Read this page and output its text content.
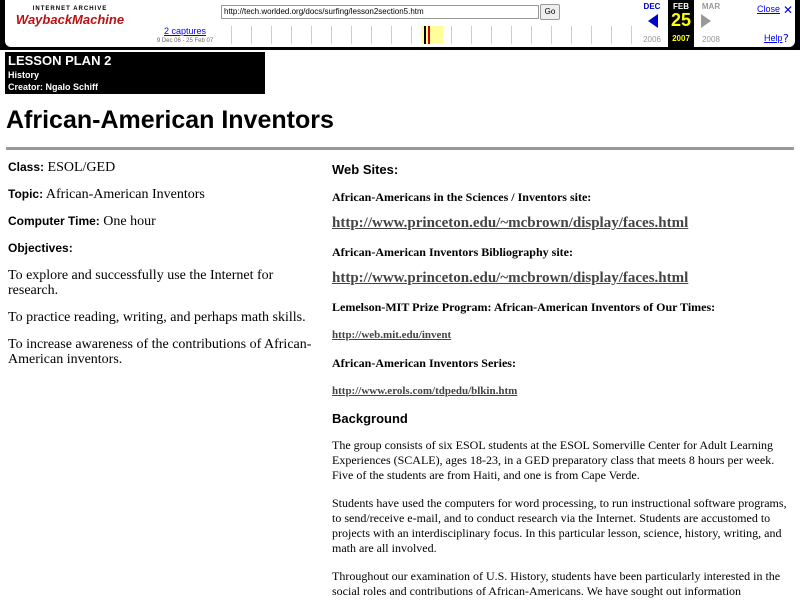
INTERNET ARCHIVE
WaybackMachine
2 captures
9 Dec 06 - 25 Feb 07
http://tech.worlded.org/docs/surfing/lesson2section5.htm	Go
DEC
2006
FEB
25
2007
MAR
2008
Close ✕
Help ?
LESSON PLAN 2
History
Creator: Ngalo Schiff
African-American Inventors

Class: ESOL/GED

Topic: African-American Inventors

Computer Time: One hour

Objectives:

To explore and successfully use the Internet for research.

To practice reading, writing, and perhaps math skills.

To increase awareness of the contributions of African-American inventors.

Web Sites:
African-Americans in the Sciences / Inventors site:
http://www.princeton.edu/~mcbrown/display/faces.html
African-American Inventors Bibliography site:
http://www.princeton.edu/~mcbrown/display/faces.html
Lemelson-MIT Prize Program: African-American Inventors of Our Times:
http://web.mit.edu/invent
African-American Inventors Series:
http://www.erols.com/tdpedu/blkin.htm
Background

The group consists of six ESOL students at the ESOL Somerville Center for Adult Learning Experiences (SCALE), ages 18-23, in a GED preparatory class that meets 8 hours per week. Five of the students are from Haiti, and one is from Cape Verde.

Students have used the computers for word processing, to run instructional software programs, to send/receive e-mail, and to conduct research via the Internet. Students are accustomed to projects with an interdisciplinary focus. In this particular lesson, science, history, writing, and math are all involved.

Throughout our examination of U.S. History, students have been particularly interested in the social roles and contributions of African-Americans. We have sought out information
